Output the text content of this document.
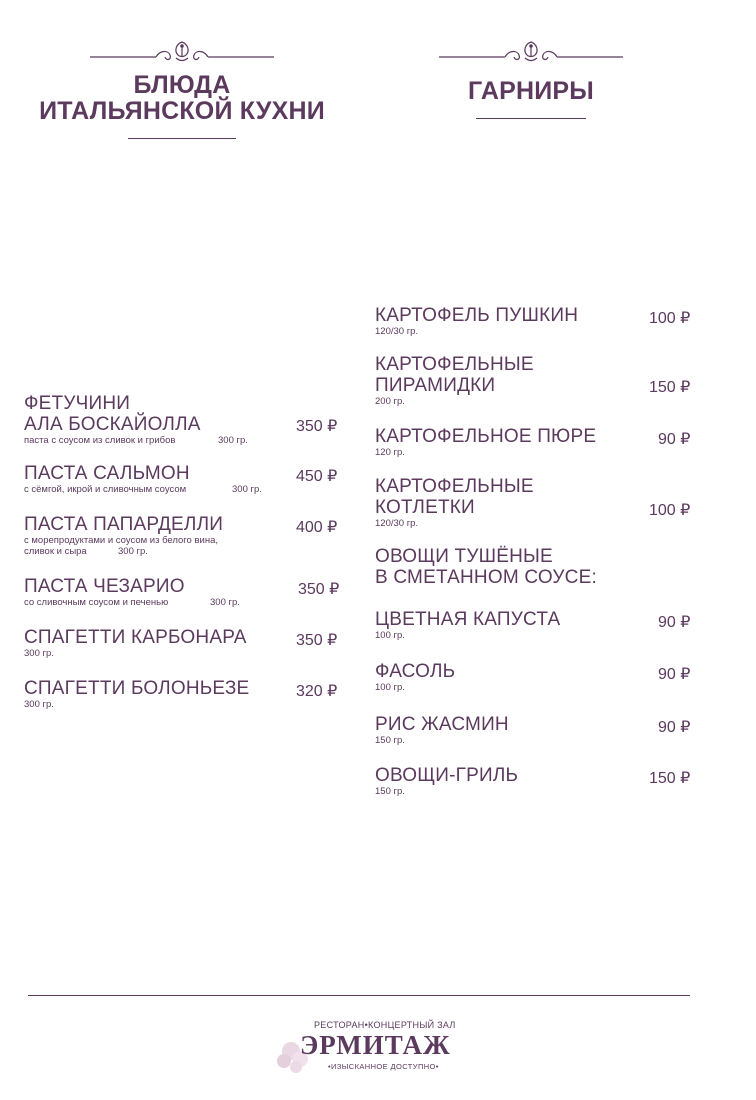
БЛЮДА
ИТАЛЬЯНСКОЙ КУХНИ
ГАРНИРЫ
ФЕТУЧИНИ
АЛА БОСКАЙОЛЛА
паста с соусом из сливок и грибов	300 гр.
350 ₽
ПАСТА САЛЬМОН
с сёмгой, икрой и сливочным соусом	300 гр.
450 ₽
ПАСТА ПАПАРДЕЛЛИ
с морепродуктами и соусом из белого вина,
сливок и сыра	300 гр.
400 ₽
ПАСТА ЧЕЗАРИО
со сливочным соусом и печенью	300 гр.
350 ₽
СПАГЕТТИ КАРБОНАРА
300 гр.
350 ₽
СПАГЕТТИ БОЛОНЬЕЗЕ
300 гр.
320 ₽
КАРТОФЕЛЬ ПУШКИН
120/30 гр.
100 ₽
КАРТОФЕЛЬНЫЕ
ПИРАМИДКИ
200 гр.
150 ₽
КАРТОФЕЛЬНОЕ ПЮРЕ
120 гр.
90 ₽
КАРТОФЕЛЬНЫЕ
КОТЛЕТКИ
120/30 гр.
100 ₽
ОВОЩИ ТУШЁНЫЕ
В СМЕТАННОМ СОУСЕ:
ЦВЕТНАЯ КАПУСТА
100 гр.
90 ₽
ФАСОЛЬ
100 гр.
90 ₽
РИС ЖАСМИН
150 гр.
90 ₽
ОВОЩИ-ГРИЛЬ
150 гр.
150 ₽
РЕСТОРАН•КОНЦЕРТНЫЙ ЗАЛ
ЭРМИТАЖ
•ИЗЫСКАННОЕ ДОСТУПНО•
